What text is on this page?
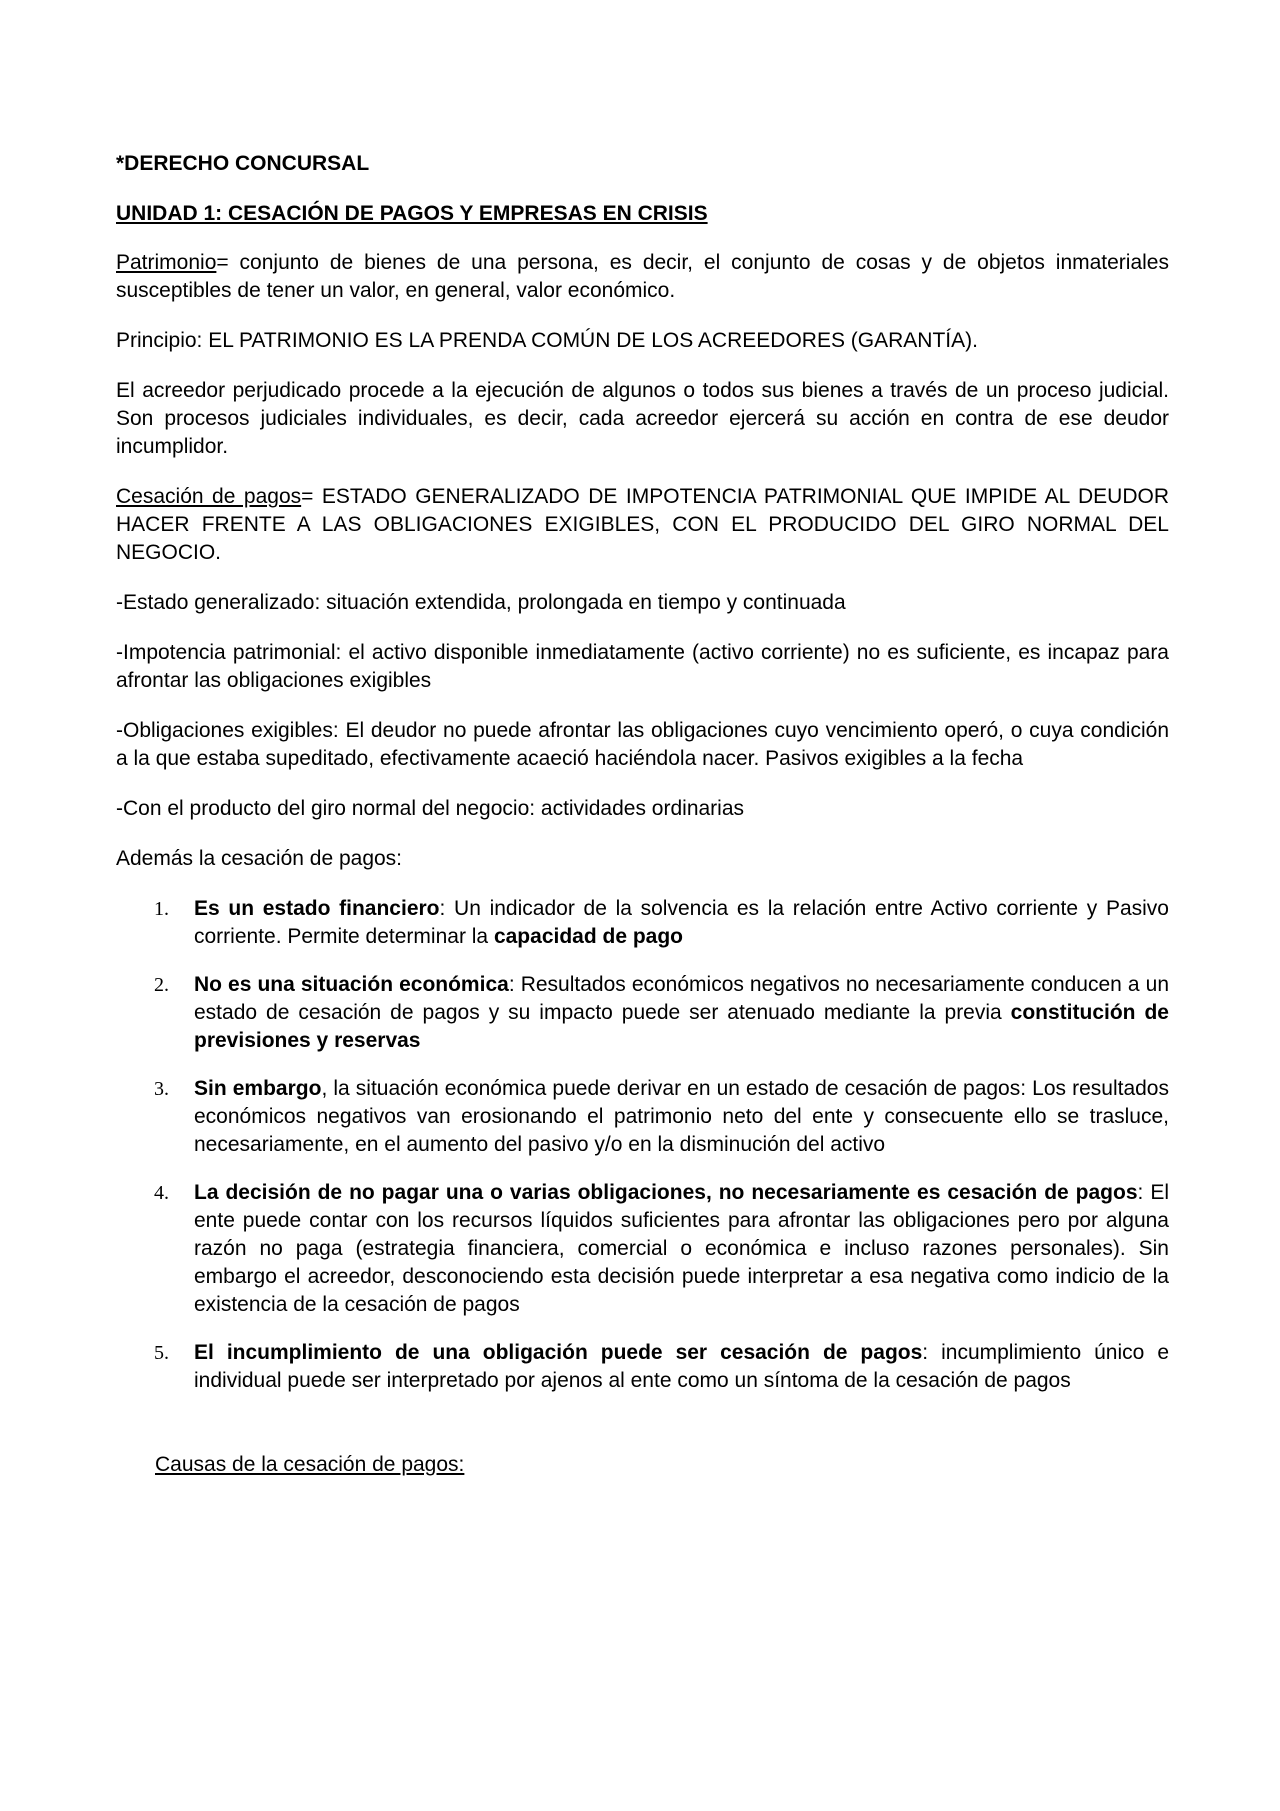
*DERECHO CONCURSAL

UNIDAD 1: CESACIÓN DE PAGOS Y EMPRESAS EN CRISIS

Patrimonio= conjunto de bienes de una persona, es decir, el conjunto de cosas y de objetos inmateriales susceptibles de tener un valor, en general, valor económico.

Principio: EL PATRIMONIO ES LA PRENDA COMÚN DE LOS ACREEDORES (GARANTÍA).

El acreedor perjudicado procede a la ejecución de algunos o todos sus bienes a través de un proceso judicial. Son procesos judiciales individuales, es decir, cada acreedor ejercerá su acción en contra de ese deudor incumplidor.

Cesación de pagos= ESTADO GENERALIZADO DE IMPOTENCIA PATRIMONIAL QUE IMPIDE AL DEUDOR HACER FRENTE A LAS OBLIGACIONES EXIGIBLES, CON EL PRODUCIDO DEL GIRO NORMAL DEL NEGOCIO.

-Estado generalizado: situación extendida, prolongada en tiempo y continuada

-Impotencia patrimonial: el activo disponible inmediatamente (activo corriente) no es suficiente, es incapaz para afrontar las obligaciones exigibles

-Obligaciones exigibles: El deudor no puede afrontar las obligaciones cuyo vencimiento operó, o cuya condición a la que estaba supeditado, efectivamente acaeció haciéndola nacer. Pasivos exigibles a la fecha

-Con el producto del giro normal del negocio: actividades ordinarias

Además la cesación de pagos:

1. Es un estado financiero: Un indicador de la solvencia es la relación entre Activo corriente y Pasivo corriente. Permite determinar la capacidad de pago
2. No es una situación económica: Resultados económicos negativos no necesariamente conducen a un estado de cesación de pagos y su impacto puede ser atenuado mediante la previa constitución de previsiones y reservas
3. Sin embargo, la situación económica puede derivar en un estado de cesación de pagos: Los resultados económicos negativos van erosionando el patrimonio neto del ente y consecuente ello se trasluce, necesariamente, en el aumento del pasivo y/o en la disminución del activo
4. La decisión de no pagar una o varias obligaciones, no necesariamente es cesación de pagos: El ente puede contar con los recursos líquidos suficientes para afrontar las obligaciones pero por alguna razón no paga (estrategia financiera, comercial o económica e incluso razones personales). Sin embargo el acreedor, desconociendo esta decisión puede interpretar a esa negativa como indicio de la existencia de la cesación de pagos
5. El incumplimiento de una obligación puede ser cesación de pagos: incumplimiento único e individual puede ser interpretado por ajenos al ente como un síntoma de la cesación de pagos

Causas de la cesación de pagos:
